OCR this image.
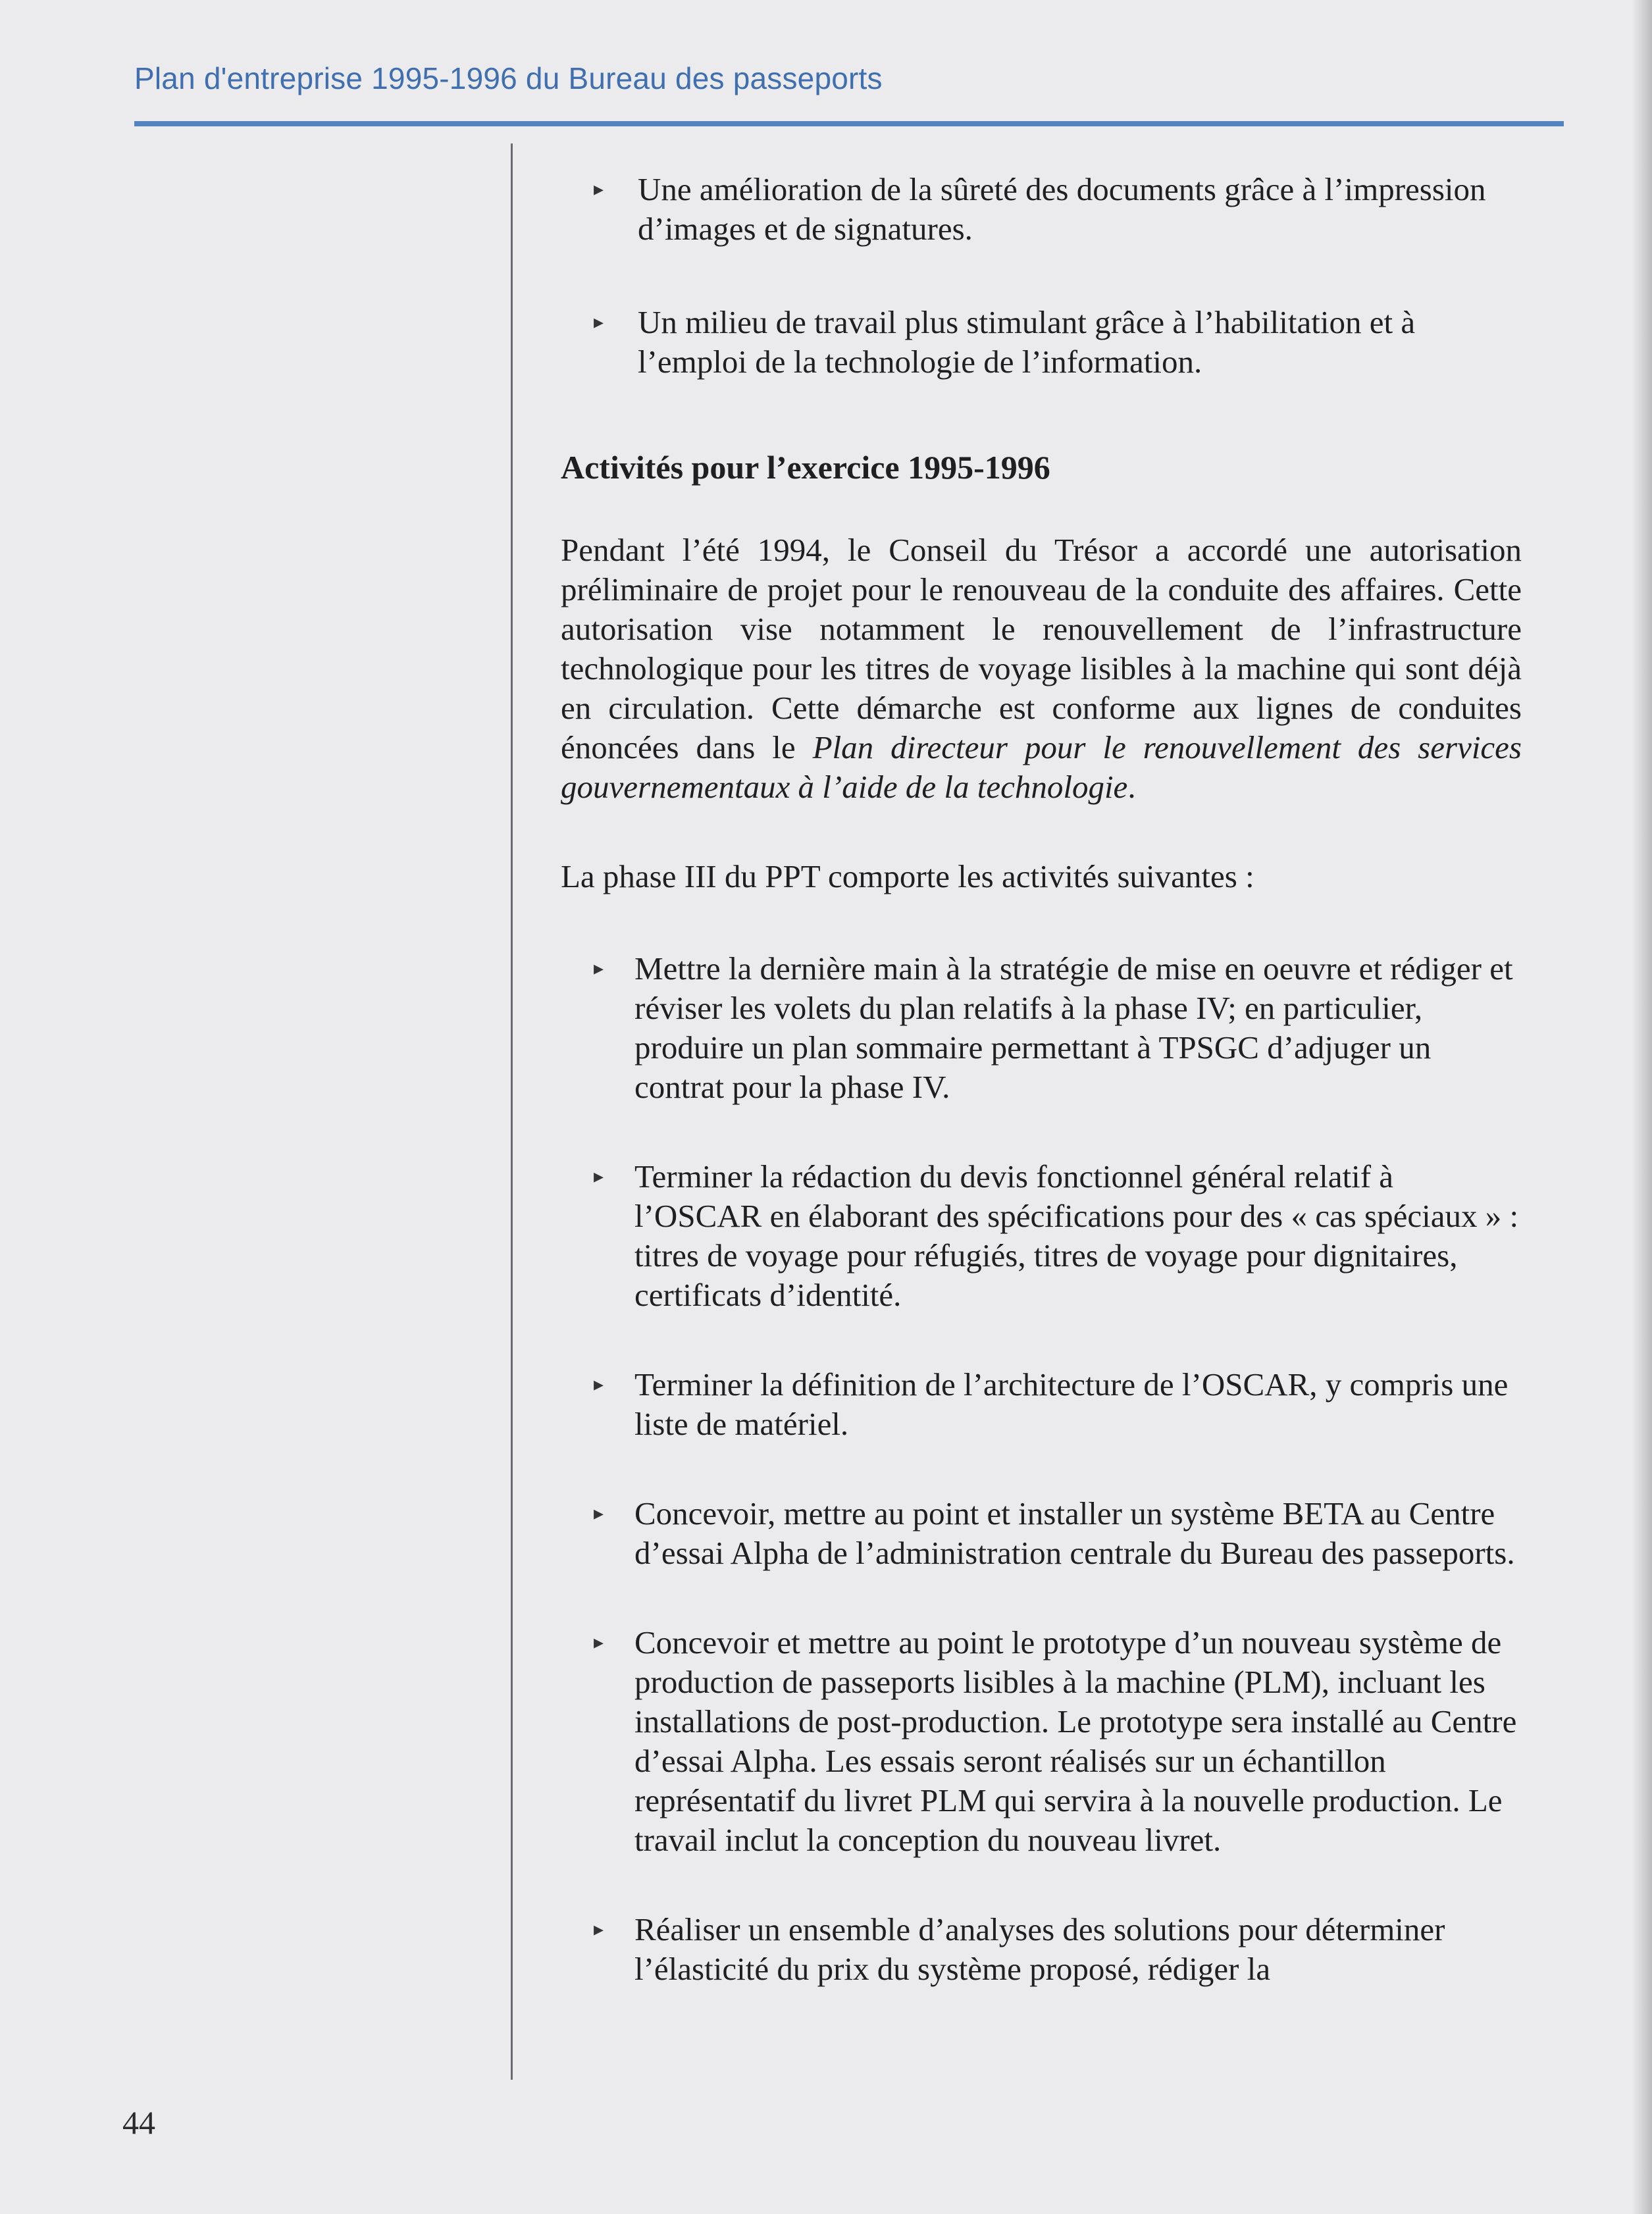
Plan d'entreprise 1995-1996 du Bureau des passeports
▸ Une amélioration de la sûreté des documents grâce à l’impression d’images et de signatures.
▸ Un milieu de travail plus stimulant grâce à l’habilitation et à l’emploi de la technologie de l’information.
Activités pour l’exercice 1995-1996

Pendant l’été 1994, le Conseil du Trésor a accordé une autorisation préliminaire de projet pour le renouveau de la conduite des affaires. Cette autorisation vise notamment le renouvellement de l’infrastructure technologique pour les titres de voyage lisibles à la machine qui sont déjà en circulation. Cette démarche est conforme aux lignes de conduites énoncées dans le Plan directeur pour le renouvellement des services gouvernementaux à l’aide de la technologie.

La phase III du PPT comporte les activités suivantes :

▸ Mettre la dernière main à la stratégie de mise en oeuvre et rédiger et réviser les volets du plan relatifs à la phase IV; en particulier, produire un plan sommaire permettant à TPSGC d’adjuger un contrat pour la phase IV.
▸ Terminer la rédaction du devis fonctionnel général relatif à l’OSCAR en élaborant des spécifications pour des « cas spéciaux » : titres de voyage pour réfugiés, titres de voyage pour dignitaires, certificats d’identité.
▸ Terminer la définition de l’architecture de l’OSCAR, y compris une liste de matériel.
▸ Concevoir, mettre au point et installer un système BETA au Centre d’essai Alpha de l’administration centrale du Bureau des passeports.
▸ Concevoir et mettre au point le prototype d’un nouveau système de production de passeports lisibles à la machine (PLM), incluant les installations de post-production. Le prototype sera installé au Centre d’essai Alpha. Les essais seront réalisés sur un échantillon représentatif du livret PLM qui servira à la nouvelle production. Le travail inclut la conception du nouveau livret.
▸ Réaliser un ensemble d’analyses des solutions pour déterminer l’élasticité du prix du système proposé, rédiger la
44
